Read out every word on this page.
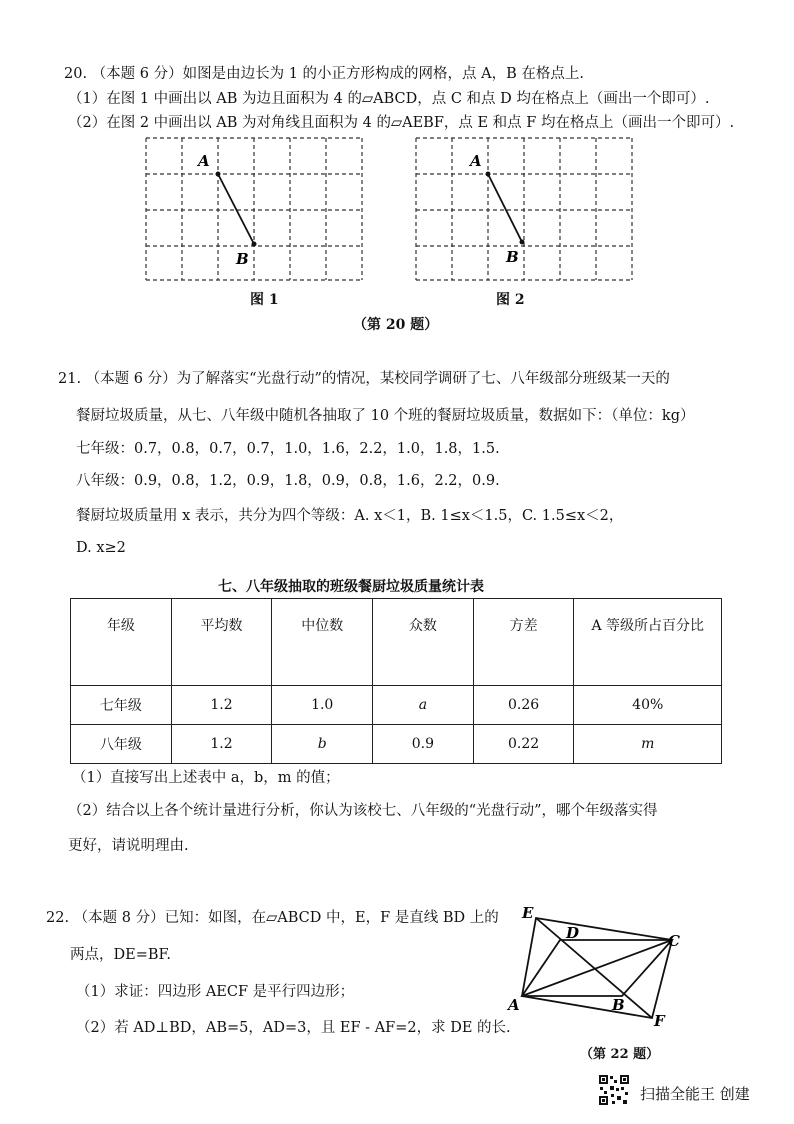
20. （本题 6 分）如图是由边长为 1 的小正方形构成的网格，点 A，B 在格点上.
（1）在图 1 中画出以 AB 为边且面积为 4 的▱ABCD，点 C 和点 D 均在格点上（画出一个即可）.
（2）在图 2 中画出以 AB 为对角线且面积为 4 的▱AEBF，点 E 和点 F 均在格点上（画出一个即可）.
A
B
A
B
图 1	图 2
（第 20 题）
21. （本题 6 分）为了解落实“光盘行动”的情况，某校同学调研了七、八年级部分班级某一天的
餐厨垃圾质量，从七、八年级中随机各抽取了 10 个班的餐厨垃圾质量，数据如下：（单位：kg）
七年级：0.7，0.8，0.7，0.7，1.0，1.6，2.2，1.0，1.8，1.5.
八年级：0.9，0.8，1.2，0.9，1.8，0.9，0.8，1.6，2.2，0.9.
餐厨垃圾质量用 x 表示，共分为四个等级：A. x＜1，B. 1≤x＜1.5，C. 1.5≤x＜2，
D. x≥2
七、八年级抽取的班级餐厨垃圾质量统计表
年级	平均数	中位数	众数	方差	A 等级所占百分比
七年级	1.2	1.0	a	0.26	40%
八年级	1.2	b	0.9	0.22	m
（1）直接写出上述表中 a，b，m 的值；
（2）结合以上各个统计量进行分析，你认为该校七、八年级的“光盘行动”，哪个年级落实得
更好，请说明理由.
22. （本题 8 分）已知：如图，在▱ABCD 中，E，F 是直线 BD 上的
两点，DE=BF.
（1）求证：四边形 AECF 是平行四边形；
（2）若 AD⊥BD，AB=5，AD=3，且 EF - AF=2，求 DE 的长.
E
D	C
A	B
F
（第 22 题）
扫描全能王 创建
